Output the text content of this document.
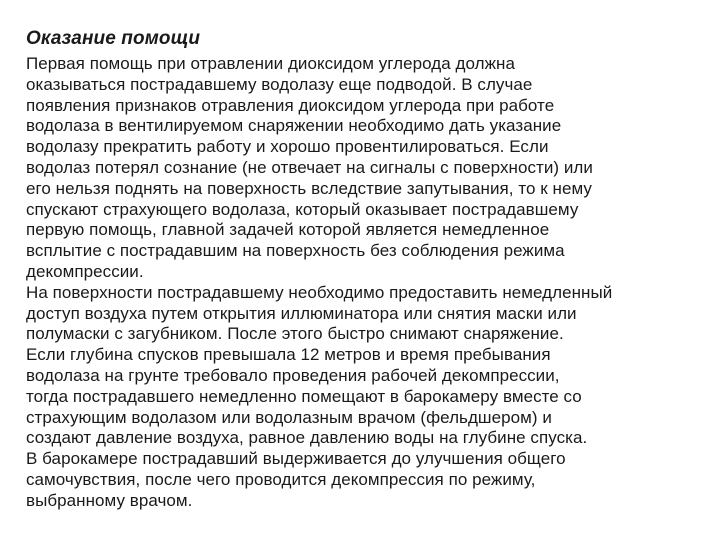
Оказание помощи

Первая помощь при отравлении диоксидом углерода должна
оказываться пострадавшему водолазу еще подводой. В случае
появления признаков отравления диоксидом углерода при работе
водолаза в вентилируемом снаряжении необходимо дать указание
водолазу прекратить работу и хорошо провентилироваться. Если
водолаз потерял сознание (не отвечает на сигналы с поверхности) или
его нельзя поднять на поверхность вследствие запутывания, то к нему
спускают страхующего водолаза, который оказывает пострадавшему
первую помощь, главной задачей которой является немедленное
всплытие с пострадавшим на поверхность без соблюдения режима
декомпрессии.

На поверхности пострадавшему необходимо предоставить немедленный
доступ воздуха путем открытия иллюминатора или снятия маски или
полумаски с загубником. После этого быстро снимают снаряжение.
Если глубина спусков превышала 12 метров и время пребывания
водолаза на грунте требовало проведения рабочей декомпрессии,
тогда пострадавшего немедленно помещают в барокамеру вместе со
страхующим водолазом или водолазным врачом (фельдшером) и
создают давление воздуха, равное давлению воды на глубине спуска.
В барокамере пострадавший выдерживается до улучшения общего
самочувствия, после чего проводится декомпрессия по режиму,
выбранному врачом.
